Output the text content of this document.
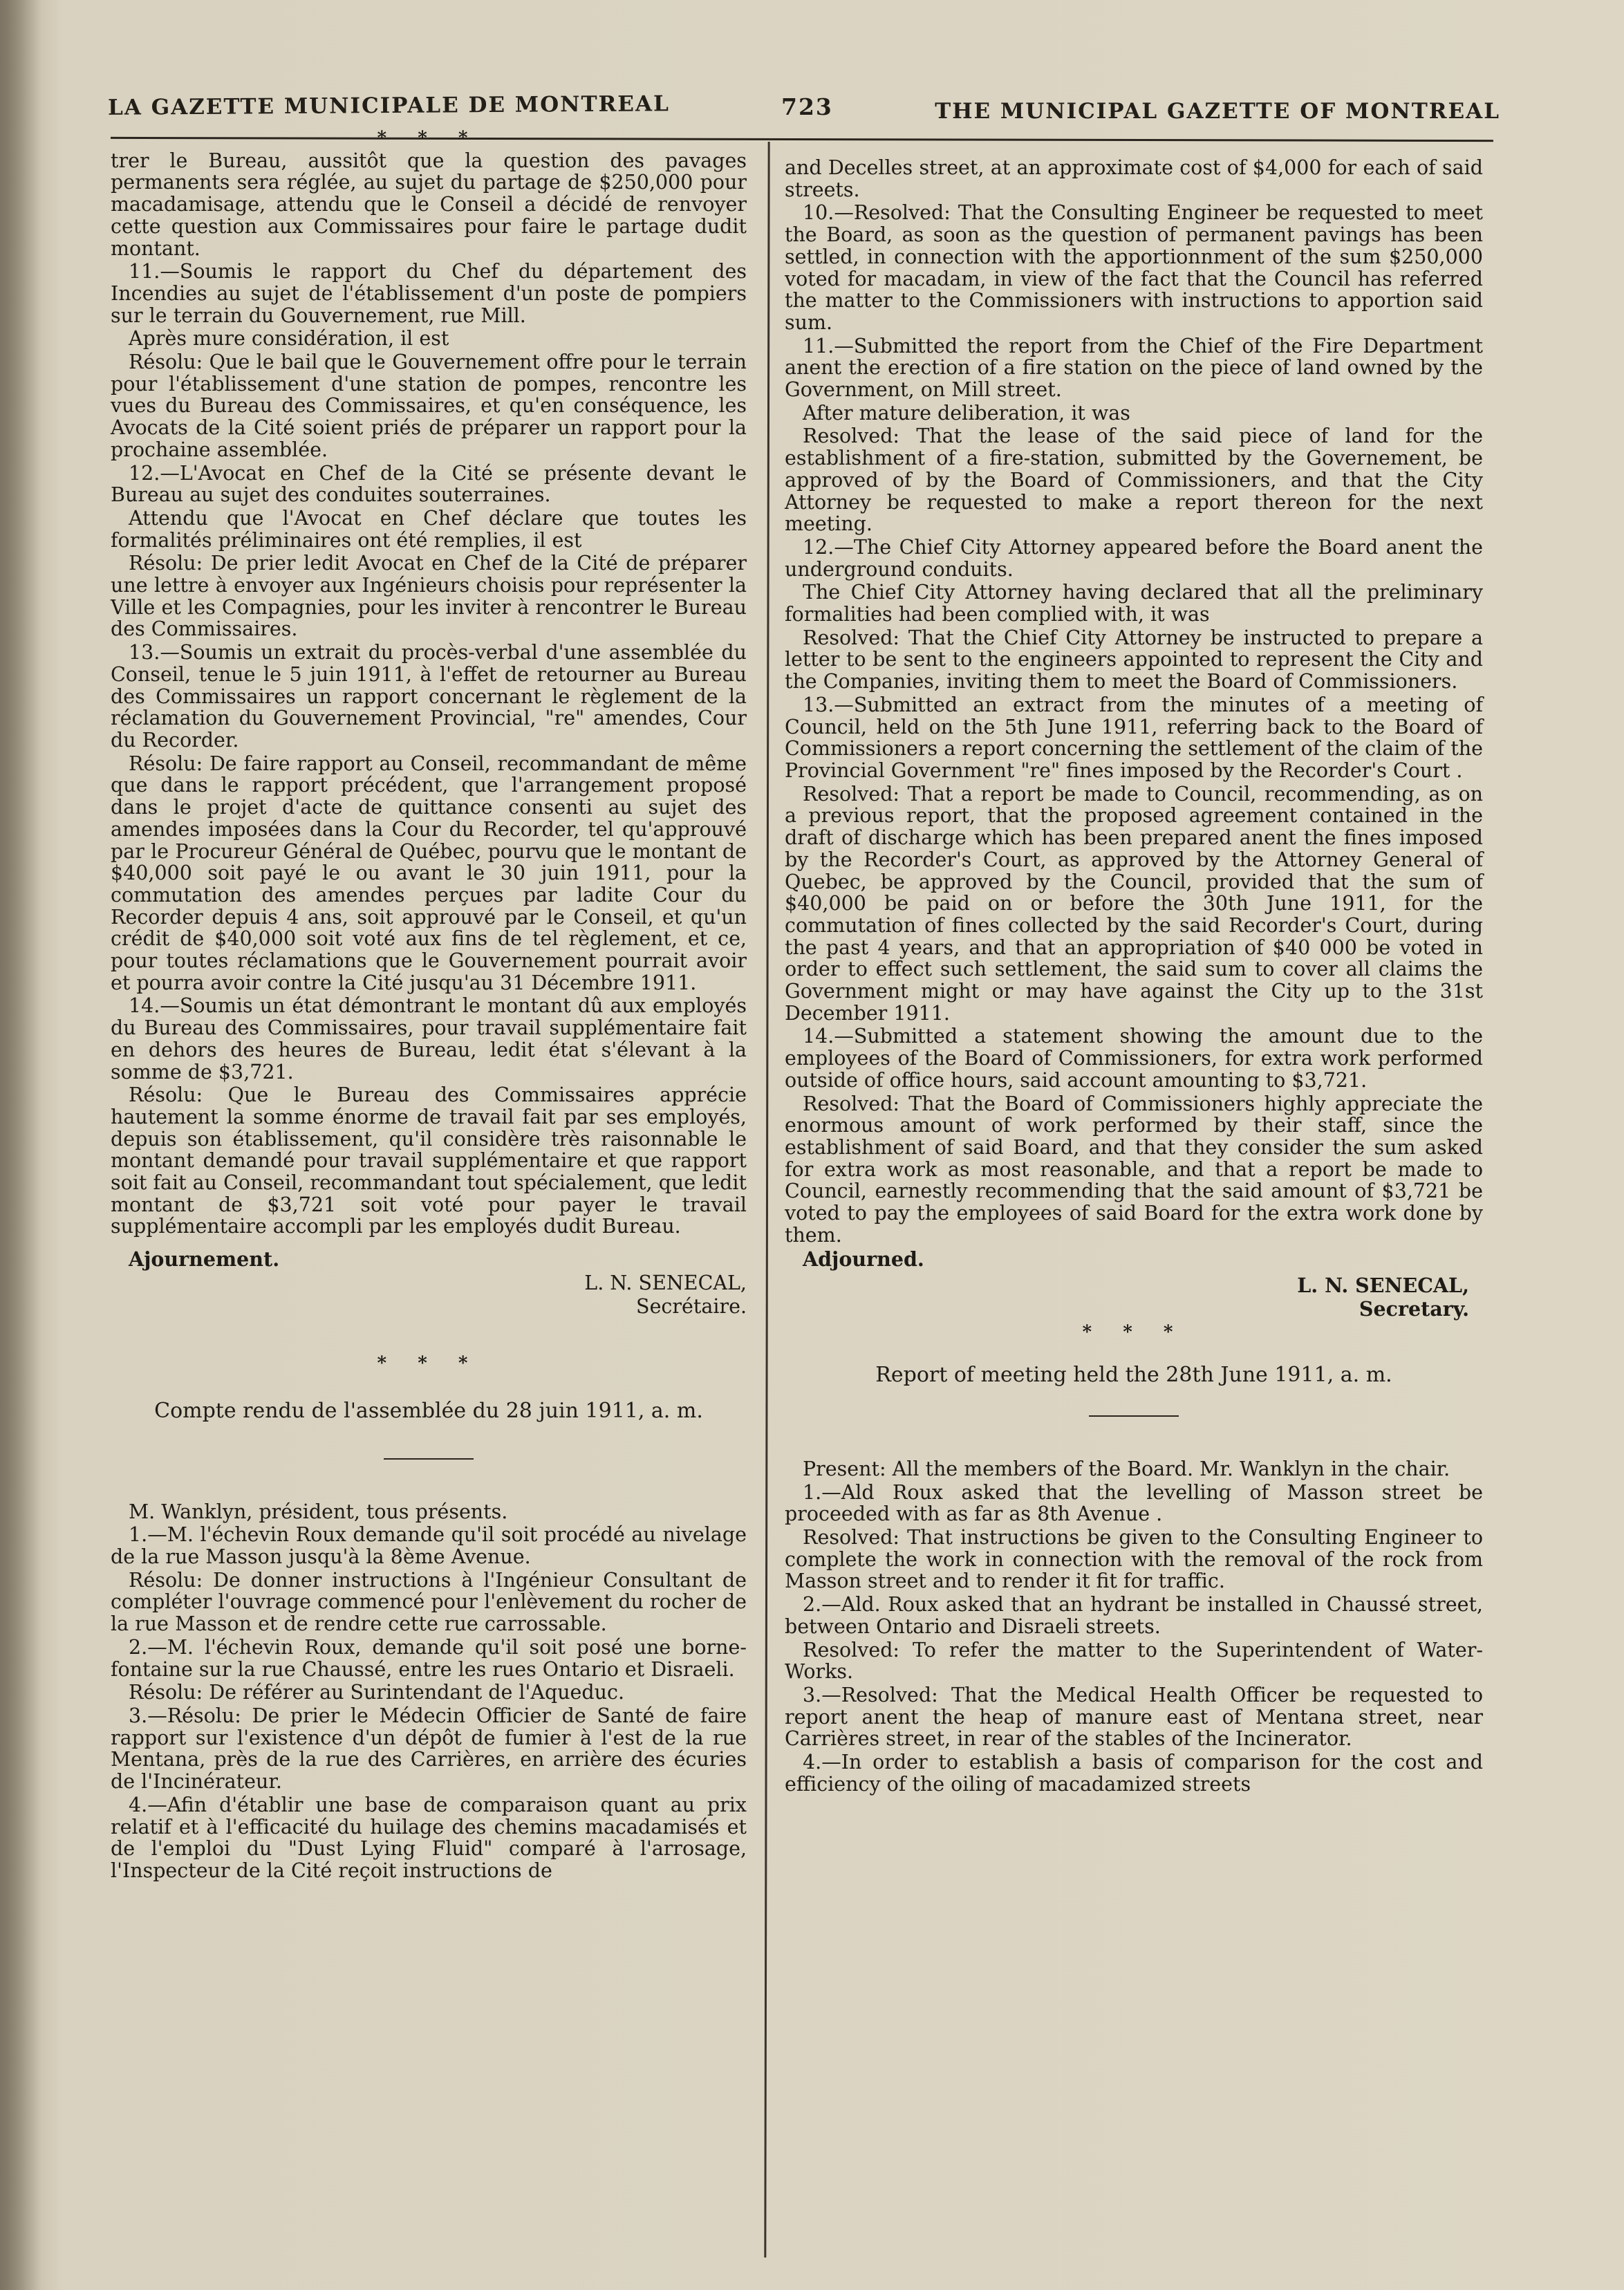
LA GAZETTE MUNICIPALE DE MONTREAL	723	THE MUNICIPAL GAZETTE OF MONTREAL
* * *

trer le Bureau, aussitôt que la question des pavages permanents sera réglée, au sujet du partage de $250,000 pour macadamisage, attendu que le Conseil a décidé de renvoyer cette question aux Commissaires pour faire le partage dudit montant.

11.—Soumis le rapport du Chef du département des Incendies au sujet de l'établissement d'un poste de pompiers sur le terrain du Gouvernement, rue Mill.

Après mure considération, il est

Résolu: Que le bail que le Gouvernement offre pour le terrain pour l'établissement d'une station de pompes, rencontre les vues du Bureau des Commissaires, et qu'en conséquence, les Avocats de la Cité soient priés de préparer un rapport pour la prochaine assemblée.

12.—L'Avocat en Chef de la Cité se présente devant le Bureau au sujet des conduites souterraines.

Attendu que l'Avocat en Chef déclare que toutes les formalités préliminaires ont été remplies, il est

Résolu: De prier ledit Avocat en Chef de la Cité de préparer une lettre à envoyer aux Ingénieurs choisis pour représenter la Ville et les Compagnies, pour les inviter à rencontrer le Bureau des Commissaires.

13.—Soumis un extrait du procès-verbal d'une assemblée du Conseil, tenue le 5 juin 1911, à l'effet de retourner au Bureau des Commissaires un rapport concernant le règlement de la réclamation du Gouvernement Provincial, "re" amendes, Cour du Recorder.

Résolu: De faire rapport au Conseil, recommandant de même que dans le rapport précédent, que l'arrangement proposé dans le projet d'acte de quittance consenti au sujet des amendes imposées dans la Cour du Recorder, tel qu'approuvé par le Procureur Général de Québec, pourvu que le montant de $40,000 soit payé le ou avant le 30 juin 1911, pour la commutation des amendes perçues par ladite Cour du Recorder depuis 4 ans, soit approuvé par le Conseil, et qu'un crédit de $40,000 soit voté aux fins de tel règlement, et ce, pour toutes réclamations que le Gouvernement pourrait avoir et pourra avoir contre la Cité jusqu'au 31 Décembre 1911.

14.—Soumis un état démontrant le montant dû aux employés du Bureau des Commissaires, pour travail supplémentaire fait en dehors des heures de Bureau, ledit état s'élevant à la somme de $3,721.

Résolu: Que le Bureau des Commissaires apprécie hautement la somme énorme de travail fait par ses employés, depuis son établissement, qu'il considère très raisonnable le montant demandé pour travail supplémentaire et que rapport soit fait au Conseil, recommandant tout spécialement, que ledit montant de $3,721 soit voté pour payer le travail supplémentaire accompli par les employés dudit Bureau.

Ajournement.

L. N. SENECAL,

Secrétaire.

* * *

Compte rendu de l'assemblée du 28 juin 1911, a. m.

M. Wanklyn, président, tous présents.

1.—M. l'échevin Roux demande qu'il soit procédé au nivelage de la rue Masson jusqu'à la 8ème Avenue.

Résolu: De donner instructions à l'Ingénieur Consultant de compléter l'ouvrage commencé pour l'enlèvement du rocher de la rue Masson et de rendre cette rue carrossable.

2.—M. l'échevin Roux, demande qu'il soit posé une borne-fontaine sur la rue Chaussé, entre les rues Ontario et Disraeli.

Résolu: De référer au Surintendant de l'Aqueduc.

3.—Résolu: De prier le Médecin Officier de Santé de faire rapport sur l'existence d'un dépôt de fumier à l'est de la rue Mentana, près de la rue des Carrières, en arrière des écuries de l'Incinérateur.

4.—Afin d'établir une base de comparaison quant au prix relatif et à l'efficacité du huilage des chemins macadamisés et de l'emploi du "Dust Lying Fluid" comparé à l'arrosage, l'Inspecteur de la Cité reçoit instructions de

and Decelles street, at an approximate cost of $4,000 for each of said streets.

10.—Resolved: That the Consulting Engineer be requested to meet the Board, as soon as the question of permanent pavings has been settled, in connection with the apportionnment of the sum $250,000 voted for macadam, in view of the fact that the Council has referred the matter to the Commissioners with instructions to apportion said sum.

11.—Submitted the report from the Chief of the Fire Department anent the erection of a fire station on the piece of land owned by the Government, on Mill street.

After mature deliberation, it was

Resolved: That the lease of the said piece of land for the establishment of a fire-station, submitted by the Governement, be approved of by the Board of Commissioners, and that the City Attorney be requested to make a report thereon for the next meeting.

12.—The Chief City Attorney appeared before the Board anent the underground conduits.

The Chief City Attorney having declared that all the preliminary formalities had been complied with, it was

Resolved: That the Chief City Attorney be instructed to prepare a letter to be sent to the engineers appointed to represent the City and the Companies, inviting them to meet the Board of Commissioners.

13.—Submitted an extract from the minutes of a meeting of Council, held on the 5th June 1911, referring back to the Board of Commissioners a report concerning the settlement of the claim of the Provincial Government "re" fines imposed by the Recorder's Court .

Resolved: That a report be made to Council, recommending, as on a previous report, that the proposed agreement contained in the draft of discharge which has been prepared anent the fines imposed by the Recorder's Court, as approved by the Attorney General of Quebec, be approved by the Council, provided that the sum of $40,000 be paid on or before the 30th June 1911, for the commutation of fines collected by the said Recorder's Court, during the past 4 years, and that an appropriation of $40 000 be voted in order to effect such settlement, the said sum to cover all claims the Government might or may have against the City up to the 31st December 1911.

14.—Submitted a statement showing the amount due to the employees of the Board of Commissioners, for extra work performed outside of office hours, said account amounting to $3,721.

Resolved: That the Board of Commissioners highly appreciate the enormous amount of work performed by their staff, since the establishment of said Board, and that they consider the sum asked for extra work as most reasonable, and that a report be made to Council, earnestly recommending that the said amount of $3,721 be voted to pay the employees of said Board for the extra work done by them.

Adjourned.

L. N. SENECAL,

Secretary.

* * *

Report of meeting held the 28th June 1911, a. m.

Present: All the members of the Board. Mr. Wanklyn in the chair.

1.—Ald Roux asked that the levelling of Masson street be proceeded with as far as 8th Avenue .

Resolved: That instructions be given to the Consulting Engineer to complete the work in connection with the removal of the rock from Masson street and to render it fit for traffic.

2.—Ald. Roux asked that an hydrant be installed in Chaussé street, between Ontario and Disraeli streets.

Resolved: To refer the matter to the Superintendent of Water-Works.

3.—Resolved: That the Medical Health Officer be requested to report anent the heap of manure east of Mentana street, near Carrières street, in rear of the stables of the Incinerator.

4.—In order to establish a basis of comparison for the cost and efficiency of the oiling of macadamized streets
